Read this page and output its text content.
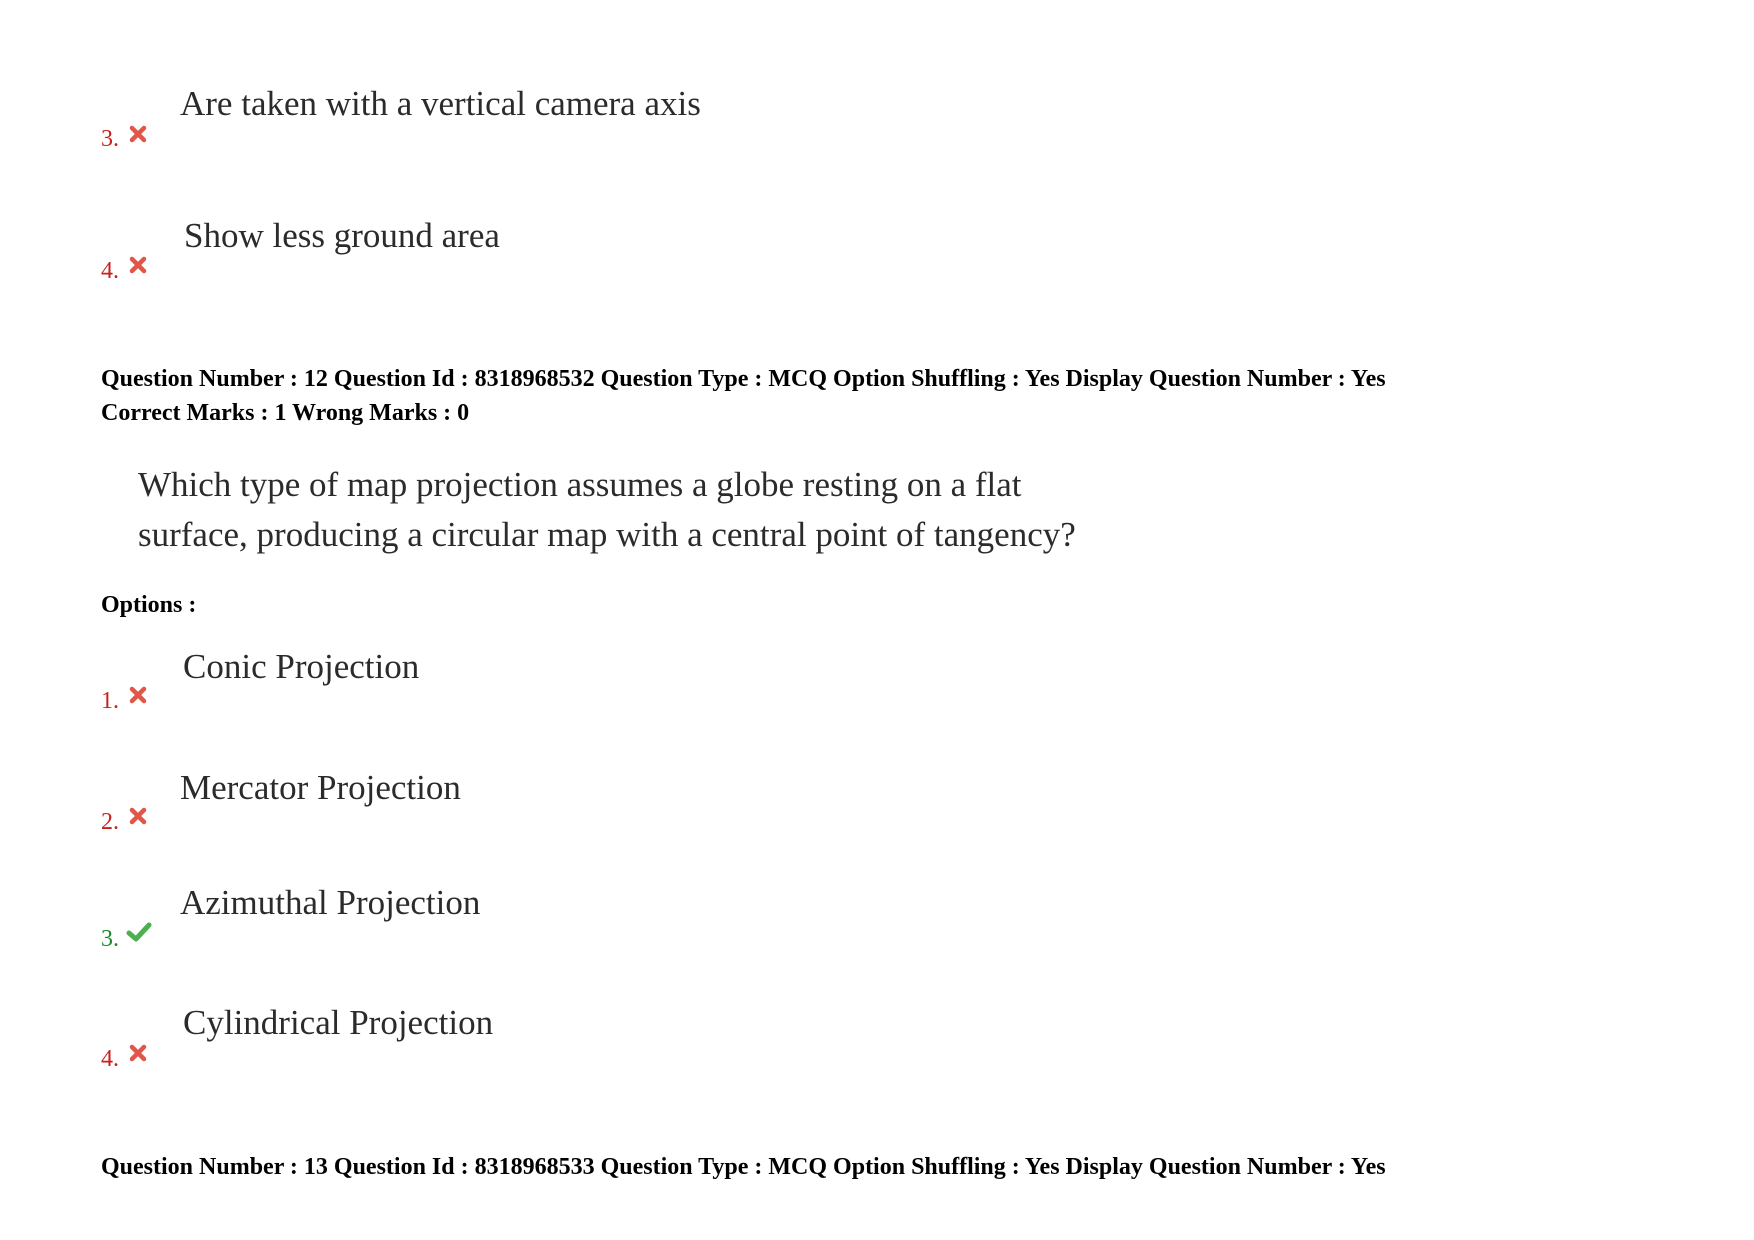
Are taken with a vertical camera axis
3.
Show less ground area
4.
Question Number : 12 Question Id : 8318968532 Question Type : MCQ Option Shuffling : Yes Display Question Number : Yes
Correct Marks : 1 Wrong Marks : 0
Which type of map projection assumes a globe resting on a flat
surface, producing a circular map with a central point of tangency?
Options :
Conic Projection
1.
Mercator Projection
2.
Azimuthal Projection
3.
Cylindrical Projection
4.
Question Number : 13 Question Id : 8318968533 Question Type : MCQ Option Shuffling : Yes Display Question Number : Yes
